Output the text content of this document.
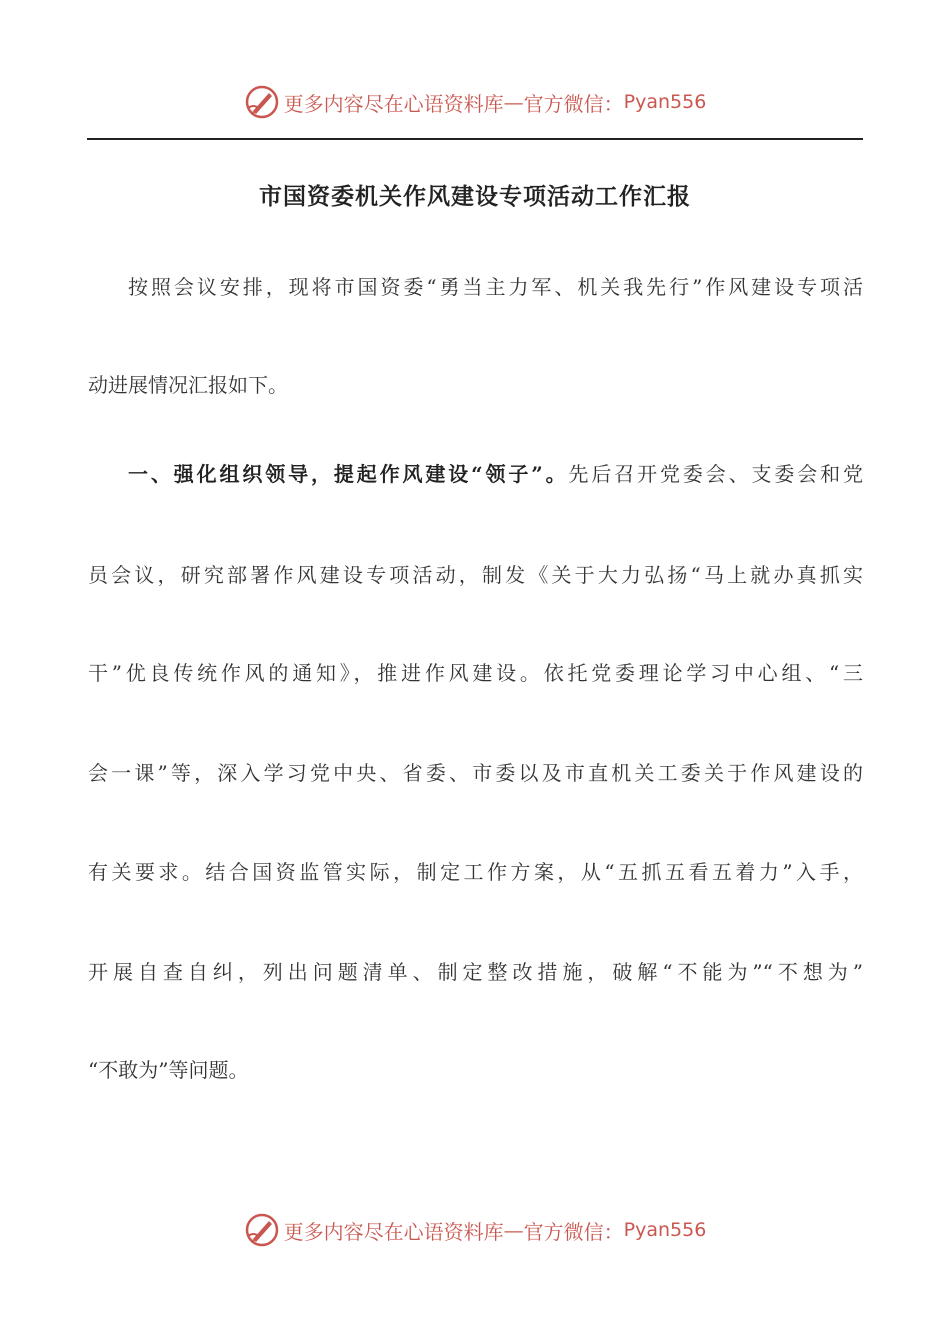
更多内容尽在心语资料库 — 官方微信： Pyan556
市国资委机关作风建设专项活动工作汇报
按照会议安排，现将市国资委“勇当主力军、机关我先行”作风建设专项活
动进展情况汇报如下。
一、强化组织领导，提起作风建设“领子”。先后召开党委会、支委会和党
员会议，研究部署作风建设专项活动，制发《关于大力弘扬“马上就办真抓实
干”优良传统作风的通知》，推进作风建设。依托党委理论学习中心组、“三
会一课”等，深入学习党中央、省委、市委以及市直机关工委关于作风建设的
有关要求。结合国资监管实际，制定工作方案，从“五抓五看五着力”入手，
开展自查自纠，列出问题清单、制定整改措施，破解“不能为”“不想为”
“不敢为”等问题。
更多内容尽在心语资料库 — 官方微信： Pyan556
